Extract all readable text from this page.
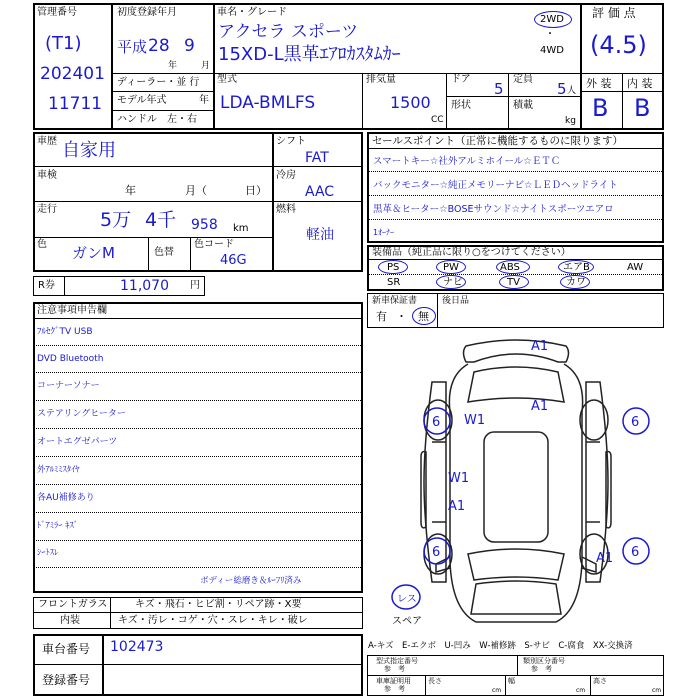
管理番号
(T1)
202401
11711
初度登録年月
平成 28
年
9
月
車名・グレード
アクセラ スポーツ
15XD-L黒革ｴｱﾛｶｽﾀﾑｶｰ
2WD
・
4WD
評 価 点
(4.5)
ディーラー・並 行
モデル年式	年
ハンドル　左・右
型式
LDA-BMLFS
排気量
1500
CC
ドア
5
定員
5 人
形状	積載
kg
外 装 内 装
B B
車歴 自家用
車検
年	月（	日）
走行 5万 4千 958 km
色 ガンM	色替
色コード
46G
シフト
FAT
冷房
AAC
燃料
軽油
R券	11,070 円
セールスポイント（正常に機能するものに限ります）
スマートキー☆社外アルミホイール☆ＥＴＣ
バックモニター☆純正メモリーナビ☆ＬＥＤヘッドライト
黒革＆ヒーター☆BOSEサウンド☆ナイトスポーツエアロ
1ｵｰﾅｰ
装備品（純正品に限り○をつけてください）
PS	PW	ABS	エアB	AW
SR	ナビ	TV	カワ
新車保証書	後日品
有 ・ 無
注意事項申告欄
ﾌﾙｾｸﾞTV USB
DVD Bluetooth
コーナーソナー
ステアリングヒーター
オートエグゼパーツ
外ｱﾙﾐﾐｽﾀｲﾔ
各AU補修あり
ﾄﾞｱﾐﾗｰ ｷｽﾞ
ｼｰﾄｽﾚ
ボディー総磨き＆ﾙｰﾌﾘ済み
フロントガラス	キズ・飛石・ヒビ割・リペア跡・X要
内装	キズ・汚レ・コゲ・穴・スレ・キレ・破レ
車台番号 102473
登録番号
A-キズ　E-エクボ　U-凹み　W-補修跡　S-サビ　C-腐食　XX-交換済
型式指定番号
参　考
類別区分番号
参　考
車庫証明用
参　考
長さ
cm
幅
cm
高さ
cm
A1
A1
6 W1	6
W1
A1
6	6
A1
レス
スペア
